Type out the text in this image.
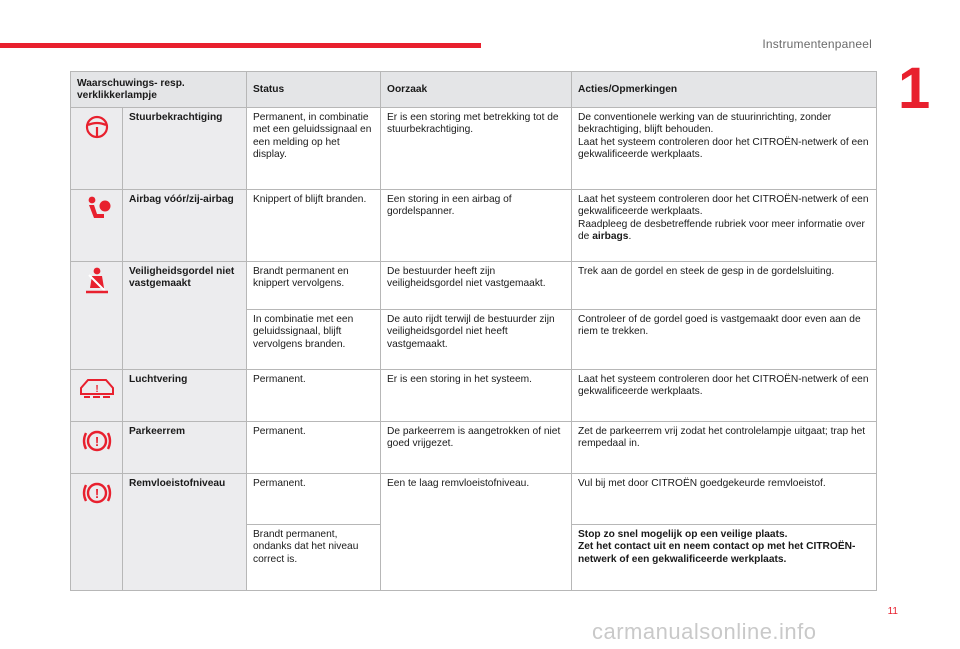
Instrumentenpaneel
1
Waarschuwings- resp. verklikkerlampje		Status	Oorzaak	Acties/Opmerkingen

!	Stuurbekrachtiging	Permanent, in combinatie met een geluidssignaal en een melding op het display.	Er is een storing met betrekking tot de stuurbekrachtiging.	De conventionele werking van de stuurinrichting, zonder bekrachtiging, blijft behouden.
Laat het systeem controleren door het CITROËN-netwerk of een gekwalificeerde werkplaats.

	Airbag vóór/zij-airbag	Knippert of blijft branden.	Een storing in een airbag of gordelspanner.	Laat het systeem controleren door het CITROËN-netwerk of een gekwalificeerde werkplaats.
Raadpleeg de desbetreffende rubriek voor meer informatie over de airbags.

	Veiligheidsgordel niet vastgemaakt	Brandt permanent en knippert vervolgens.	De bestuurder heeft zijn veiligheidsgordel niet vastgemaakt.	Trek aan de gordel en steek de gesp in de gordelsluiting.
		In combinatie met een geluidssignaal, blijft vervolgens branden.	De auto rijdt terwijl de bestuurder zijn veiligheidsgordel niet heeft vastgemaakt.	Controleer of de gordel goed is vastgemaakt door even aan de riem te trekken.

!	Luchtvering	Permanent.	Er is een storing in het systeem.	Laat het systeem controleren door het CITROËN-netwerk of een gekwalificeerde werkplaats.

!	Parkeerrem	Permanent.	De parkeerrem is aangetrokken of niet goed vrijgezet.	Zet de parkeerrem vrij zodat het controlelampje uitgaat; trap het rempedaal in.

!	Remvloeistofniveau	Permanent.	Een te laag remvloeistofniveau.	Vul bij met door CITROËN goedgekeurde remvloeistof.
		Brandt permanent, ondanks dat het niveau correct is.		Stop zo snel mogelijk op een veilige plaats.
Zet het contact uit en neem contact op met het CITROËN-netwerk of een gekwalificeerde werkplaats.
11
carmanualsonline.info
